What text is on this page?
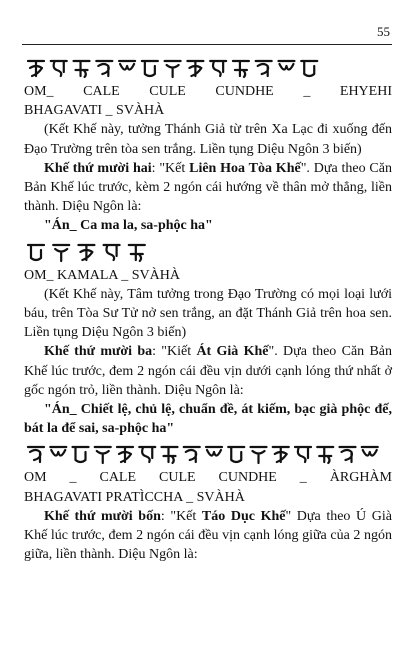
55

OM_ CALE CULE CUNDHE _ EHYEHI

BHAGAVATI _ SVÀHÀ

(Kết Khế này, tưởng Thánh Giả từ trên Xa Lạc đi xuống đến Đạo Trường trên tòa sen trắng. Liền tụng Diệu Ngôn 3 biến)

Khế thứ mười hai: "Kết Liên Hoa Tòa Khế". Dựa theo Căn Bản Khế lúc trước, kèm 2 ngón cái hướng về thân mở thẳng, liền thành. Diệu Ngôn là:

"Án_ Ca ma la, sa-phộc ha"

OM_ KAMALA _ SVÀHÀ

(Kết Khế này, Tâm tưởng trong Đạo Trường có mọi loại lưới báu, trên Tòa Sư Tử nở sen trắng, an đặt Thánh Giả trên hoa sen. Liền tụng Diệu Ngôn 3 biến)

Khế thứ mười ba: "Kiết Át Già Khế". Dựa theo Căn Bản Khế lúc trước, đem 2 ngón cái đều vịn dưới cạnh lóng thứ nhất ở gốc ngón trỏ, liền thành. Diệu Ngôn là:

"Án_ Chiết lệ, chủ lệ, chuẩn đề, át kiếm, bạc già phộc đế, bát la để sai, sa-phộc ha"

OM _ CALE CULE CUNDHE _ ÀRGHÀM

BHAGAVATI PRATÌCCHA _ SVÀHÀ

Khế thứ mười bốn: "Kết Táo Dục Khế" Dựa theo Ú Già Khế lúc trước, đem 2 ngón cái đều vịn cạnh lóng giữa của 2 ngón giữa, liền thành. Diệu Ngôn là:
